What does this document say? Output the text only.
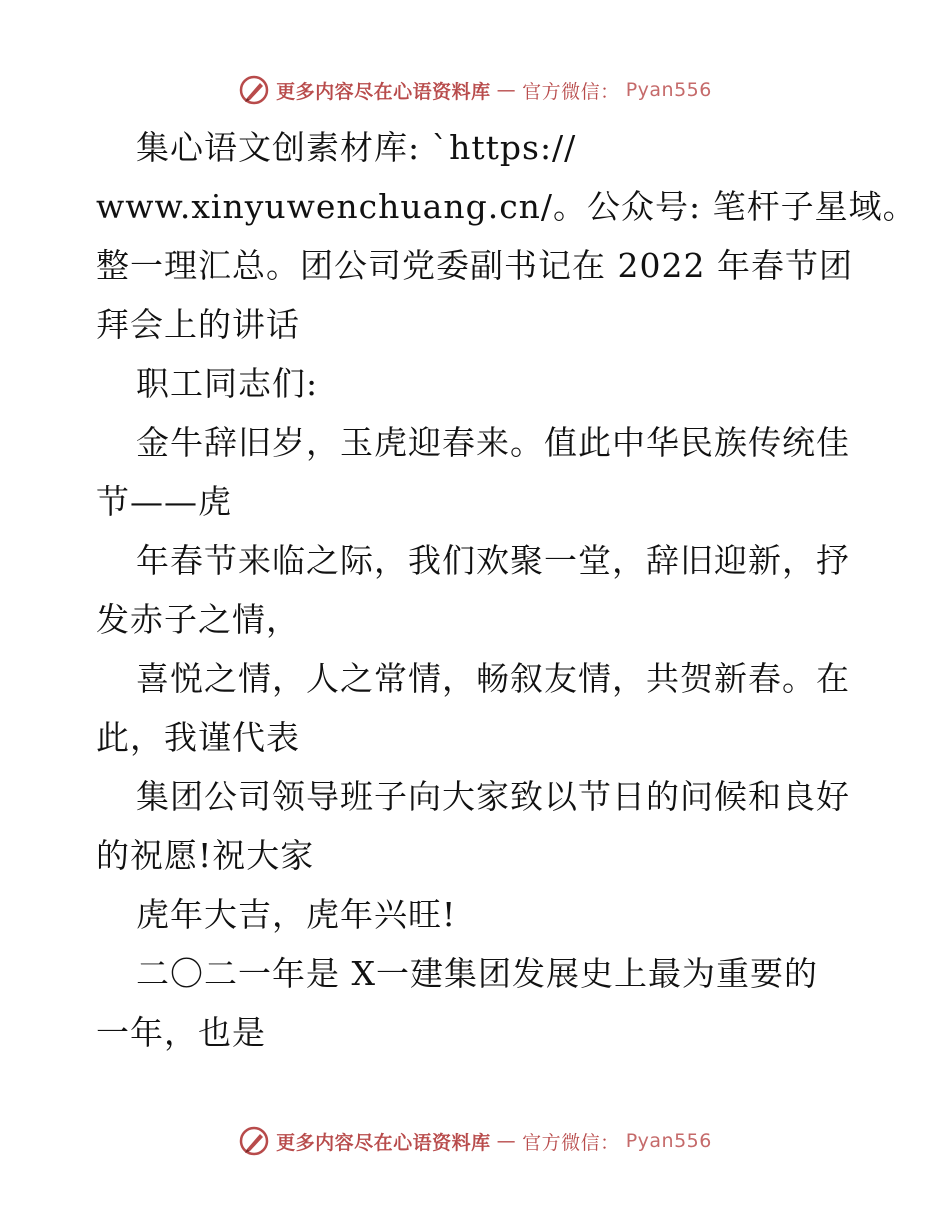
更多内容尽在心语资料库 — 官方微信： Pyan556
集心语文创素材库: `https://
www.xinyuwenchuang.cn/。公众号: 笔杆子星域。
整一理汇总。团公司党委副书记在 2022 年春节团
拜会上的讲话
职工同志们:
金牛辞旧岁，玉虎迎春来。值此中华民族传统佳
节——虎
年春节来临之际，我们欢聚一堂，辞旧迎新，抒
发赤子之情，
喜悦之情，人之常情，畅叙友情，共贺新春。在
此，我谨代表
集团公司领导班子向大家致以节日的问候和良好
的祝愿!祝大家
虎年大吉，虎年兴旺!
二〇二一年是 X一建集团发展史上最为重要的
一年，也是
更多内容尽在心语资料库 — 官方微信： Pyan556
